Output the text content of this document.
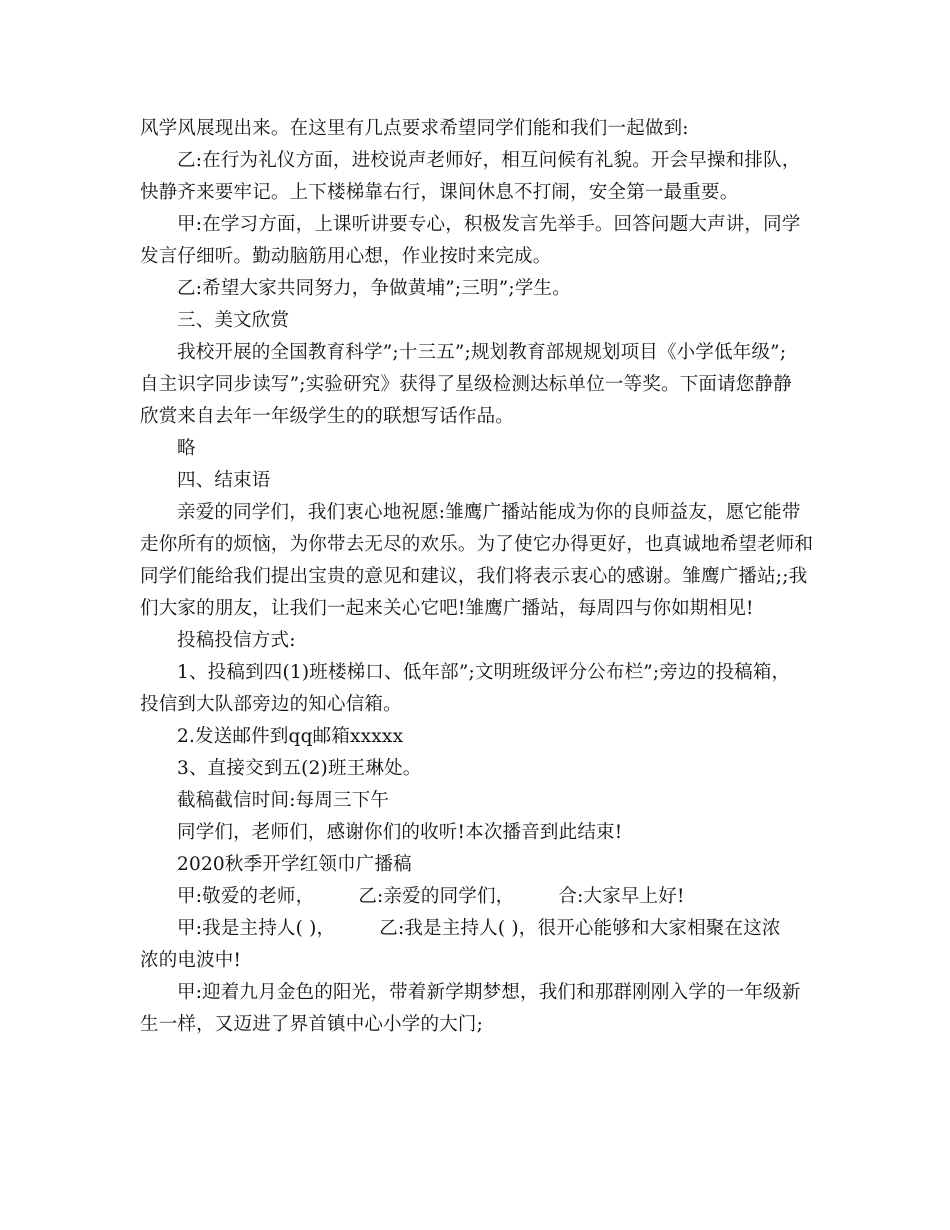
风学风展现出来。在这里有几点要求希望同学们能和我们一起做到:
乙:在行为礼仪方面，进校说声老师好，相互问候有礼貌。开会早操和排队，
快静齐来要牢记。上下楼梯靠右行，课间休息不打闹，安全第一最重要。
甲:在学习方面，上课听讲要专心，积极发言先举手。回答问题大声讲，同学
发言仔细听。勤动脑筋用心想，作业按时来完成。
乙:希望大家共同努力，争做黄埔”;三明”;学生。
三、美文欣赏
我校开展的全国教育科学”;十三五”;规划教育部规规划项目《小学低年级”;
自主识字同步读写”;实验研究》获得了星级检测达标单位一等奖。下面请您静静
欣赏来自去年一年级学生的的联想写话作品。
略
四、结束语
亲爱的同学们，我们衷心地祝愿:雏鹰广播站能成为你的良师益友，愿它能带
走你所有的烦恼，为你带去无尽的欢乐。为了使它办得更好，也真诚地希望老师和
同学们能给我们提出宝贵的意见和建议，我们将表示衷心的感谢。雏鹰广播站;;我
们大家的朋友，让我们一起来关心它吧!雏鹰广播站，每周四与你如期相见!
投稿投信方式:
1、投稿到四(1)班楼梯口、低年部”;文明班级评分公布栏”;旁边的投稿箱，
投信到大队部旁边的知心信箱。
2.发送邮件到qq邮箱xxxxx
3、直接交到五(2)班王琳处。
截稿截信时间:每周三下午
同学们，老师们，感谢你们的收听!本次播音到此结束!
2020秋季开学红领巾广播稿
甲:敬爱的老师， 乙:亲爱的同学们， 合:大家早上好!
甲:我是主持人( )， 乙:我是主持人( )，很开心能够和大家相聚在这浓
浓的电波中!
甲:迎着九月金色的阳光，带着新学期梦想，我们和那群刚刚入学的一年级新
生一样，又迈进了界首镇中心小学的大门;
